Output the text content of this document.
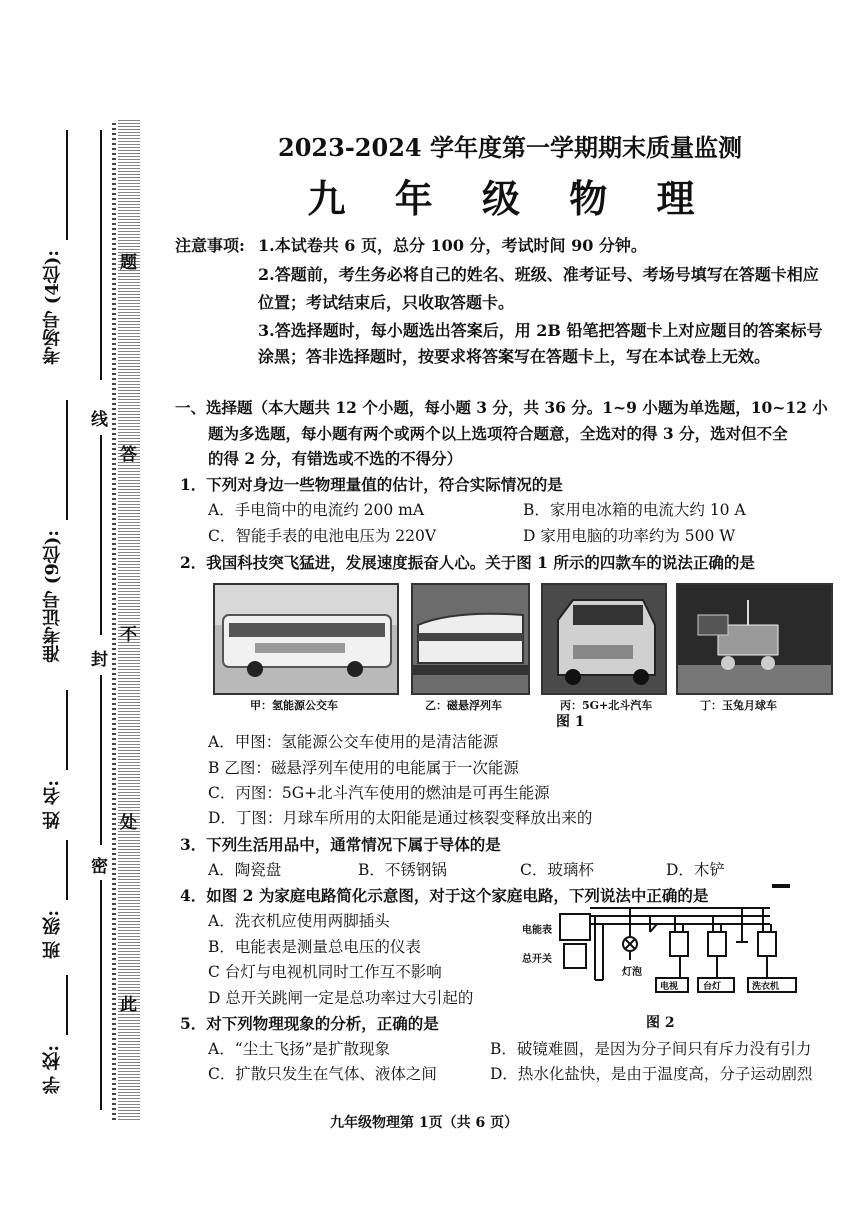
考场号 (4位):
准考证号 (9位):
姓 名:
班 级:
学 校:
线
封
密
题
答
不
处
此
2023-2024 学年度第一学期期末质量监测
九 年 级 物 理
注意事项: 1.本试卷共 6 页，总分 100 分，考试时间 90 分钟。
2.答题前，考生务必将自己的姓名、班级、准考证号、考场号填写在答题卡相应
位置；考试结束后，只收取答题卡。
3.答选择题时，每小题选出答案后，用 2B 铅笔把答题卡上对应题目的答案标号
涂黑；答非选择题时，按要求将答案写在答题卡上，写在本试卷上无效。
一、选择题（本大题共 12 个小题，每小题 3 分，共 36 分。1~9 小题为单选题，10~12 小
题为多选题，每小题有两个或两个以上选项符合题意，全选对的得 3 分，选对但不全
的得 2 分，有错选或不选的不得分）
1．下列对身边一些物理量值的估计，符合实际情况的是
A．手电筒中的电流约 200 mA	B．家用电冰箱的电流大约 10 A
C．智能手表的电池电压为 220V	D 家用电脑的功率约为 500 W
2．我国科技突飞猛进，发展速度振奋人心。关于图 1 所示的四款车的说法正确的是
甲：氢能源公交车	乙：磁悬浮列车	丙：5G+北斗汽车	丁：玉兔月球车
图 1
A．甲图：氢能源公交车使用的是清洁能源
B 乙图：磁悬浮列车使用的电能属于一次能源
C．丙图：5G+北斗汽车使用的燃油是可再生能源
D．丁图：月球车所用的太阳能是通过核裂变释放出来的
3．下列生活用品中，通常情况下属于导体的是
A．陶瓷盘	B．不锈钢锅	C．玻璃杯	D．木铲
4．如图 2 为家庭电路简化示意图，对于这个家庭电路，下列说法中正确的是
A．洗衣机应使用两脚插头
B．电能表是测量总电压的仪表
C 台灯与电视机同时工作互不影响
D 总开关跳闸一定是总功率过大引起的
电能表
总开关
灯泡
电视	台灯	洗衣机
图 2
5．对下列物理现象的分析，正确的是
A．“尘土飞扬”是扩散现象	B．破镜难圆，是因为分子间只有斥力没有引力
C．扩散只发生在气体、液体之间	D．热水化盐快，是由于温度高，分子运动剧烈
九年级物理第 1页（共 6 页）
